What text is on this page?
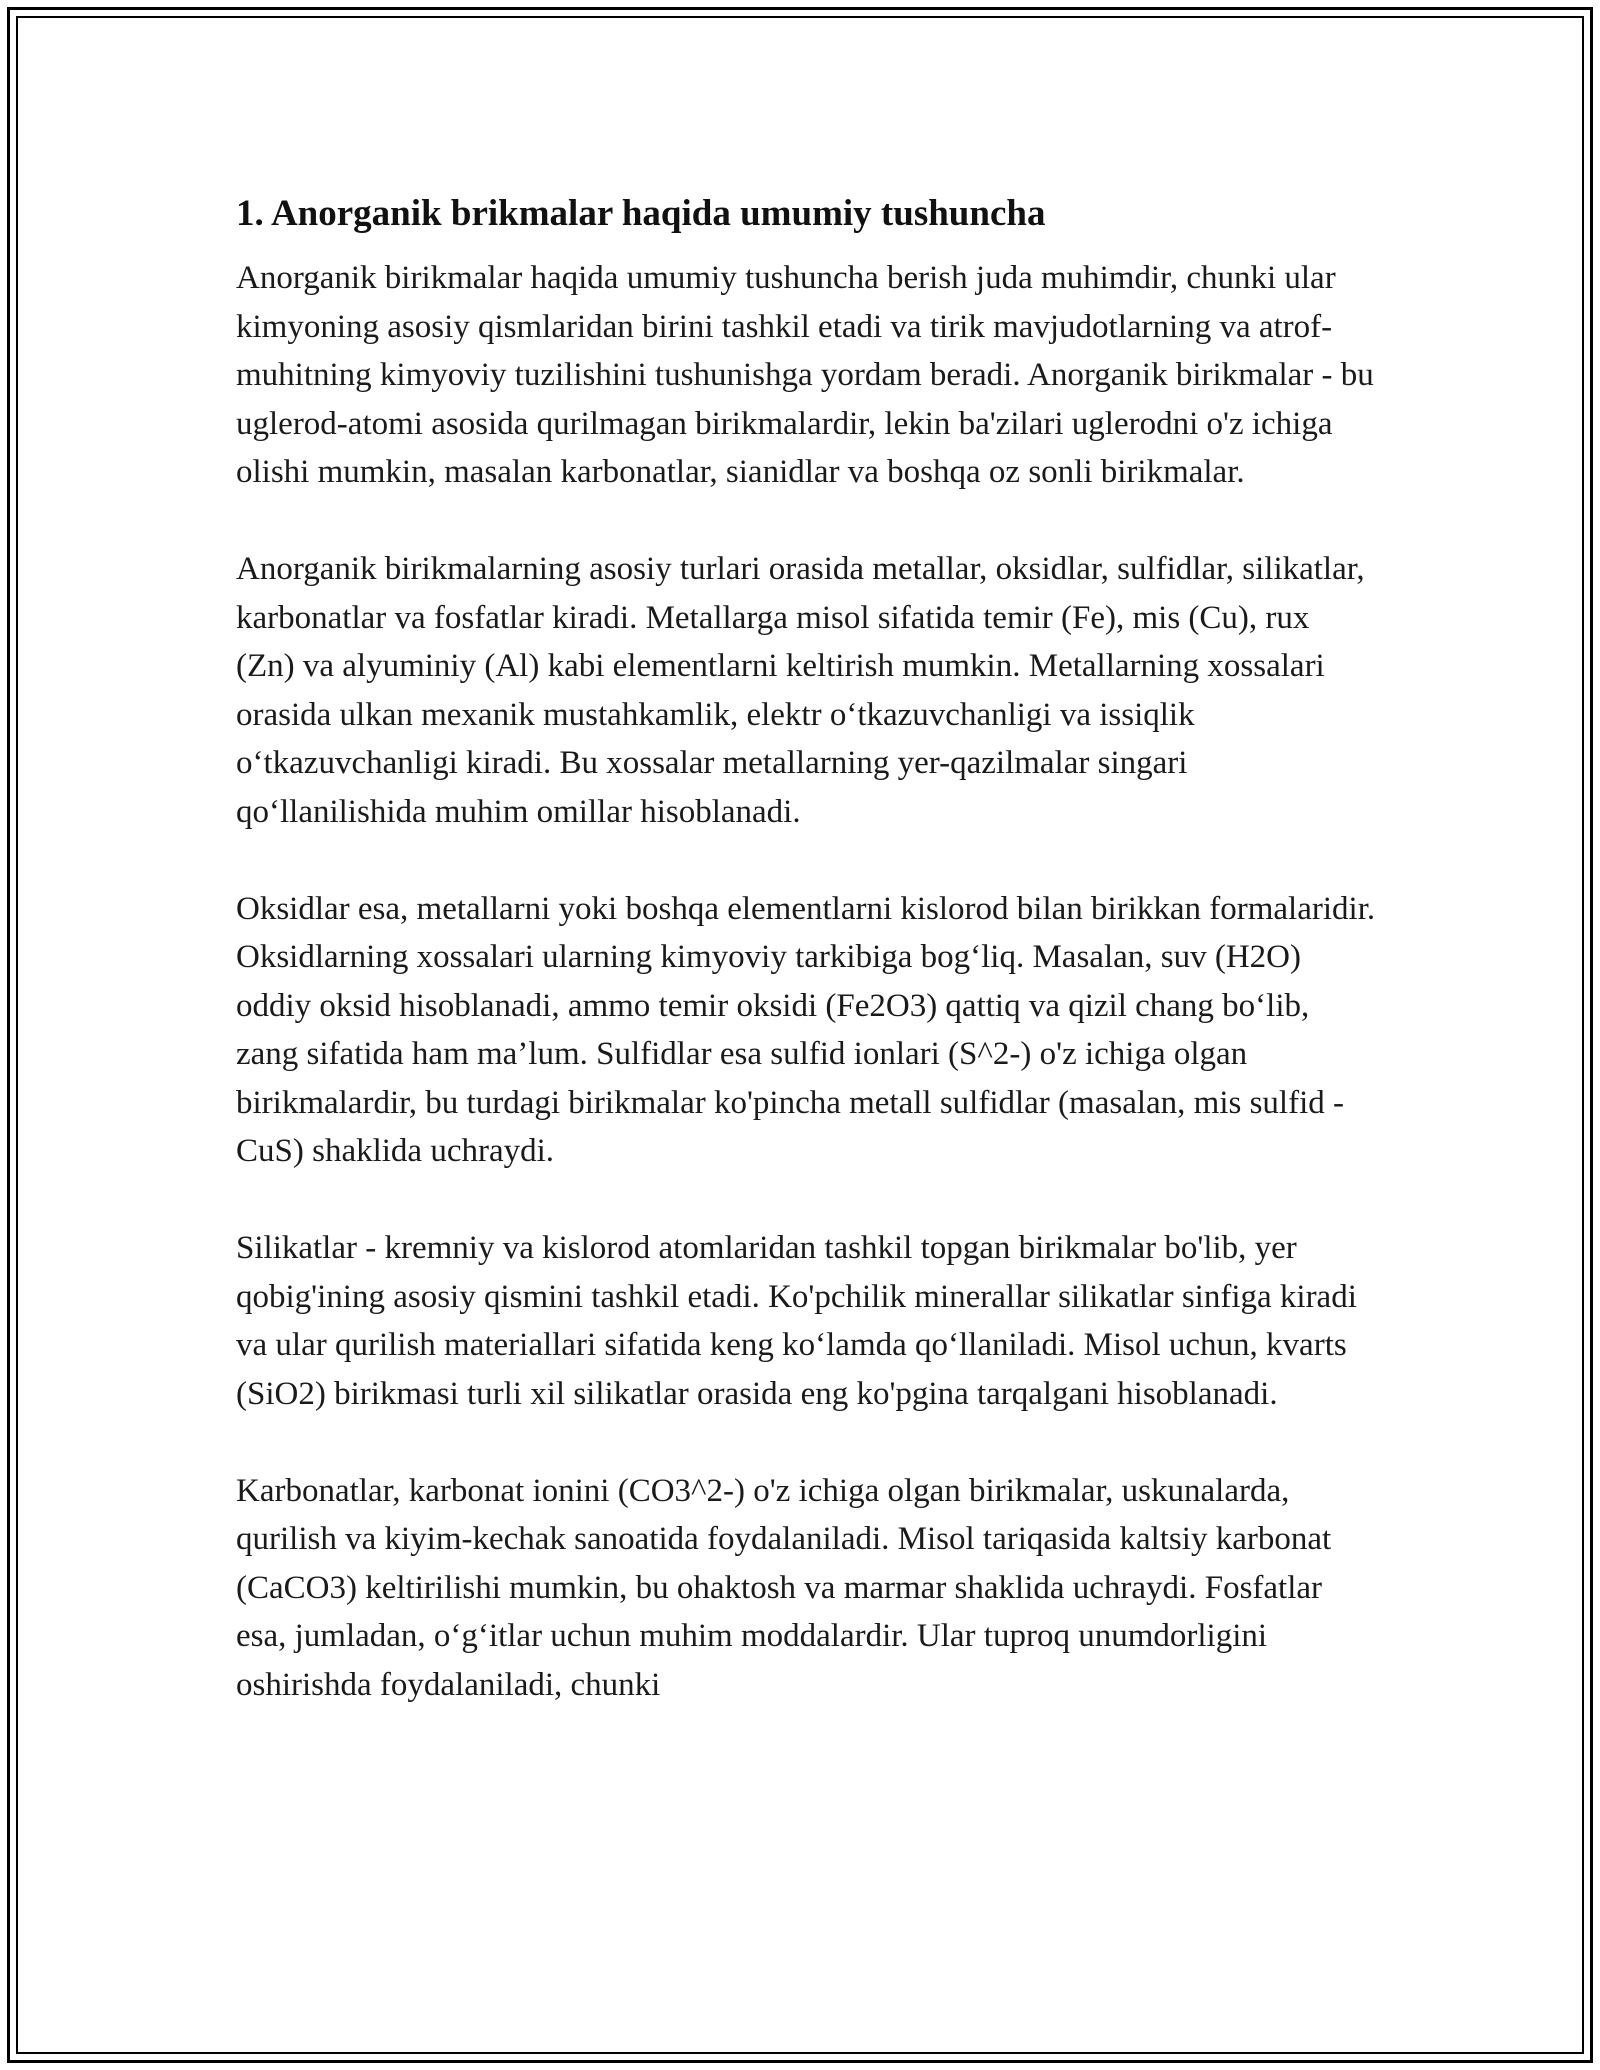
1. Anorganik brikmalar haqida umumiy tushuncha

Anorganik birikmalar haqida umumiy tushuncha berish juda muhimdir, chunki ular kimyoning asosiy qismlaridan birini tashkil etadi va tirik mavjudotlarning va atrof-muhitning kimyoviy tuzilishini tushunishga yordam beradi. Anorganik birikmalar - bu uglerod-atomi asosida qurilmagan birikmalardir, lekin ba'zilari uglerodni o'z ichiga olishi mumkin, masalan karbonatlar, sianidlar va boshqa oz sonli birikmalar.

Anorganik birikmalarning asosiy turlari orasida metallar, oksidlar, sulfidlar, silikatlar, karbonatlar va fosfatlar kiradi. Metallarga misol sifatida temir (Fe), mis (Cu), rux (Zn) va alyuminiy (Al) kabi elementlarni keltirish mumkin. Metallarning xossalari orasida ulkan mexanik mustahkamlik, elektr o‘tkazuvchanligi va issiqlik o‘tkazuvchanligi kiradi. Bu xossalar metallarning yer-qazilmalar singari qo‘llanilishida muhim omillar hisoblanadi.

Oksidlar esa, metallarni yoki boshqa elementlarni kislorod bilan birikkan formalaridir. Oksidlarning xossalari ularning kimyoviy tarkibiga bog‘liq. Masalan, suv (H2O) oddiy oksid hisoblanadi, ammo temir oksidi (Fe2O3) qattiq va qizil chang bo‘lib, zang sifatida ham ma’lum. Sulfidlar esa sulfid ionlari (S^2-) o'z ichiga olgan birikmalardir, bu turdagi birikmalar ko'pincha metall sulfidlar (masalan, mis sulfid - CuS) shaklida uchraydi.

Silikatlar - kremniy va kislorod atomlaridan tashkil topgan birikmalar bo'lib, yer qobig'ining asosiy qismini tashkil etadi. Ko'pchilik minerallar silikatlar sinfiga kiradi va ular qurilish materiallari sifatida keng ko‘lamda qo‘llaniladi. Misol uchun, kvarts (SiO2) birikmasi turli xil silikatlar orasida eng ko'pgina tarqalgani hisoblanadi.

Karbonatlar, karbonat ionini (CO3^2-) o'z ichiga olgan birikmalar, uskunalarda, qurilish va kiyim-kechak sanoatida foydalaniladi. Misol tariqasida kaltsiy karbonat (CaCO3) keltirilishi mumkin, bu ohaktosh va marmar shaklida uchraydi. Fosfatlar esa, jumladan, o‘g‘itlar uchun muhim moddalardir. Ular tuproq unumdorligini oshirishda foydalaniladi, chunki
